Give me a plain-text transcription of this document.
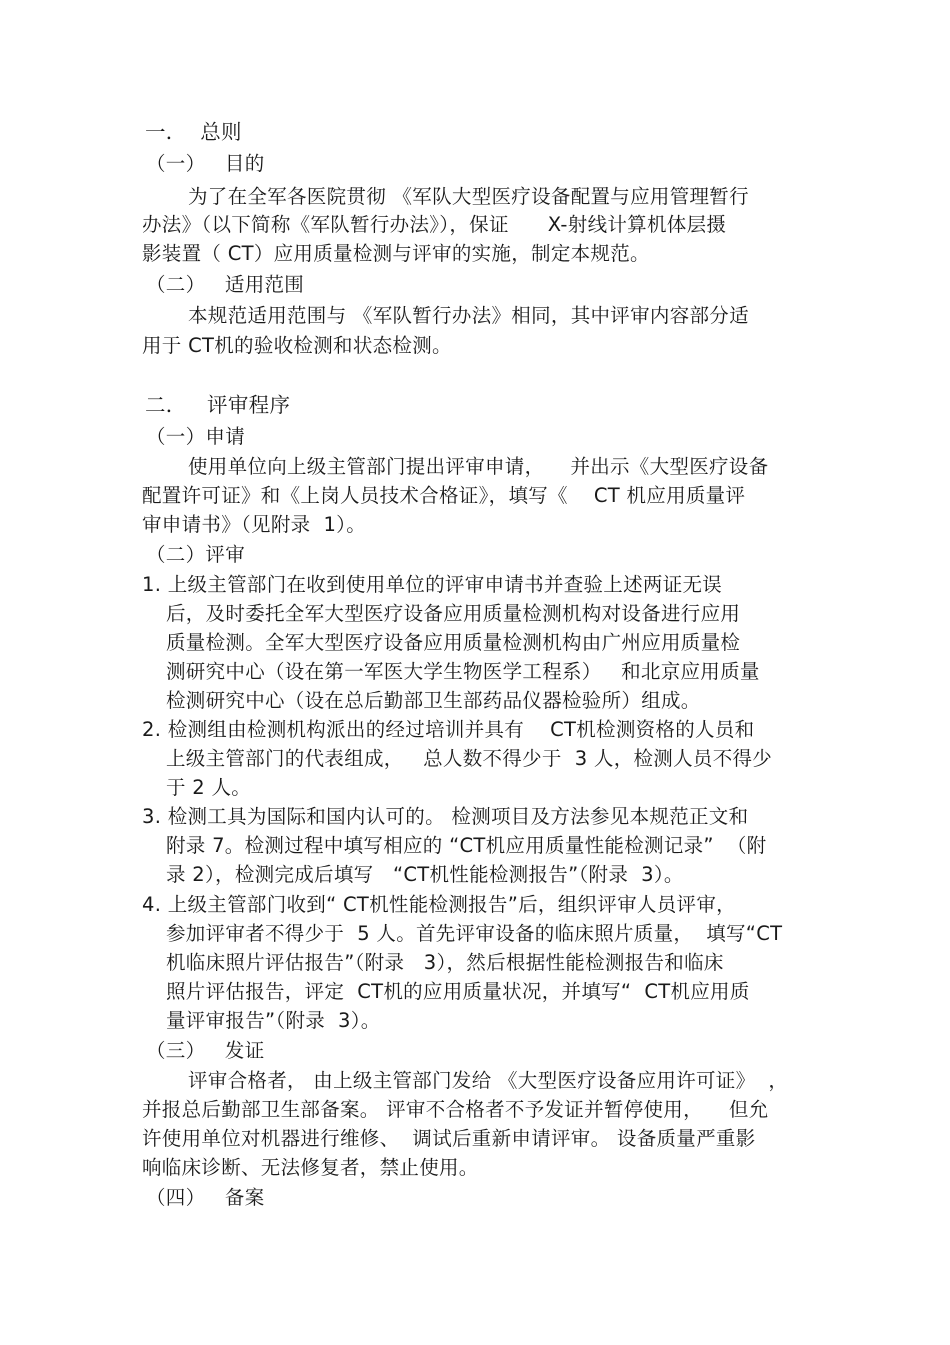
一．  总则
（一）   目的
为了在全军各医院贯彻 《军队大型医疗设备配置与应用管理暂行
办法》（以下简称《军队暂行办法》），保证      X-射线计算机体层摄
影装置（ CT）应用质量检测与评审的实施，制定本规范。
（二）   适用范围
本规范适用范围与 《军队暂行办法》相同，其中评审内容部分适
用于 CT机的验收检测和状态检测。
二．   评审程序
（一）申请
使用单位向上级主管部门提出评审申请，    并出示《大型医疗设备
配置许可证》和《上岗人员技术合格证》，填写《    CT 机应用质量评
审申请书》（见附录  1）。
（二）评审
1. 上级主管部门在收到使用单位的评审申请书并查验上述两证无误
后，及时委托全军大型医疗设备应用质量检测机构对设备进行应用
质量检测。全军大型医疗设备应用质量检测机构由广州应用质量检
测研究中心（设在第一军医大学生物医学工程系）   和北京应用质量
检测研究中心（设在总后勤部卫生部药品仪器检验所）组成。
2. 检测组由检测机构派出的经过培训并具有    CT机检测资格的人员和
上级主管部门的代表组成，   总人数不得少于  3 人，检测人员不得少
于 2 人。
3. 检测工具为国际和国内认可的。 检测项目及方法参见本规范正文和
附录 7。检测过程中填写相应的 “CT机应用质量性能检测记录”  （附
录 2），检测完成后填写   “CT机性能检测报告”（附录  3）。
4. 上级主管部门收到“ CT机性能检测报告”后，组织评审人员评审，
参加评审者不得少于  5 人。首先评审设备的临床照片质量，  填写“CT
机临床照片评估报告”（附录   3），然后根据性能检测报告和临床
照片评估报告，评定  CT机的应用质量状况，并填写“  CT机应用质
量评审报告”（附录  3）。
（三）   发证
评审合格者， 由上级主管部门发给 《大型医疗设备应用许可证》  ，
并报总后勤部卫生部备案。 评审不合格者不予发证并暂停使用，    但允
许使用单位对机器进行维修、  调试后重新申请评审。 设备质量严重影
响临床诊断、无法修复者，禁止使用。
（四）   备案
